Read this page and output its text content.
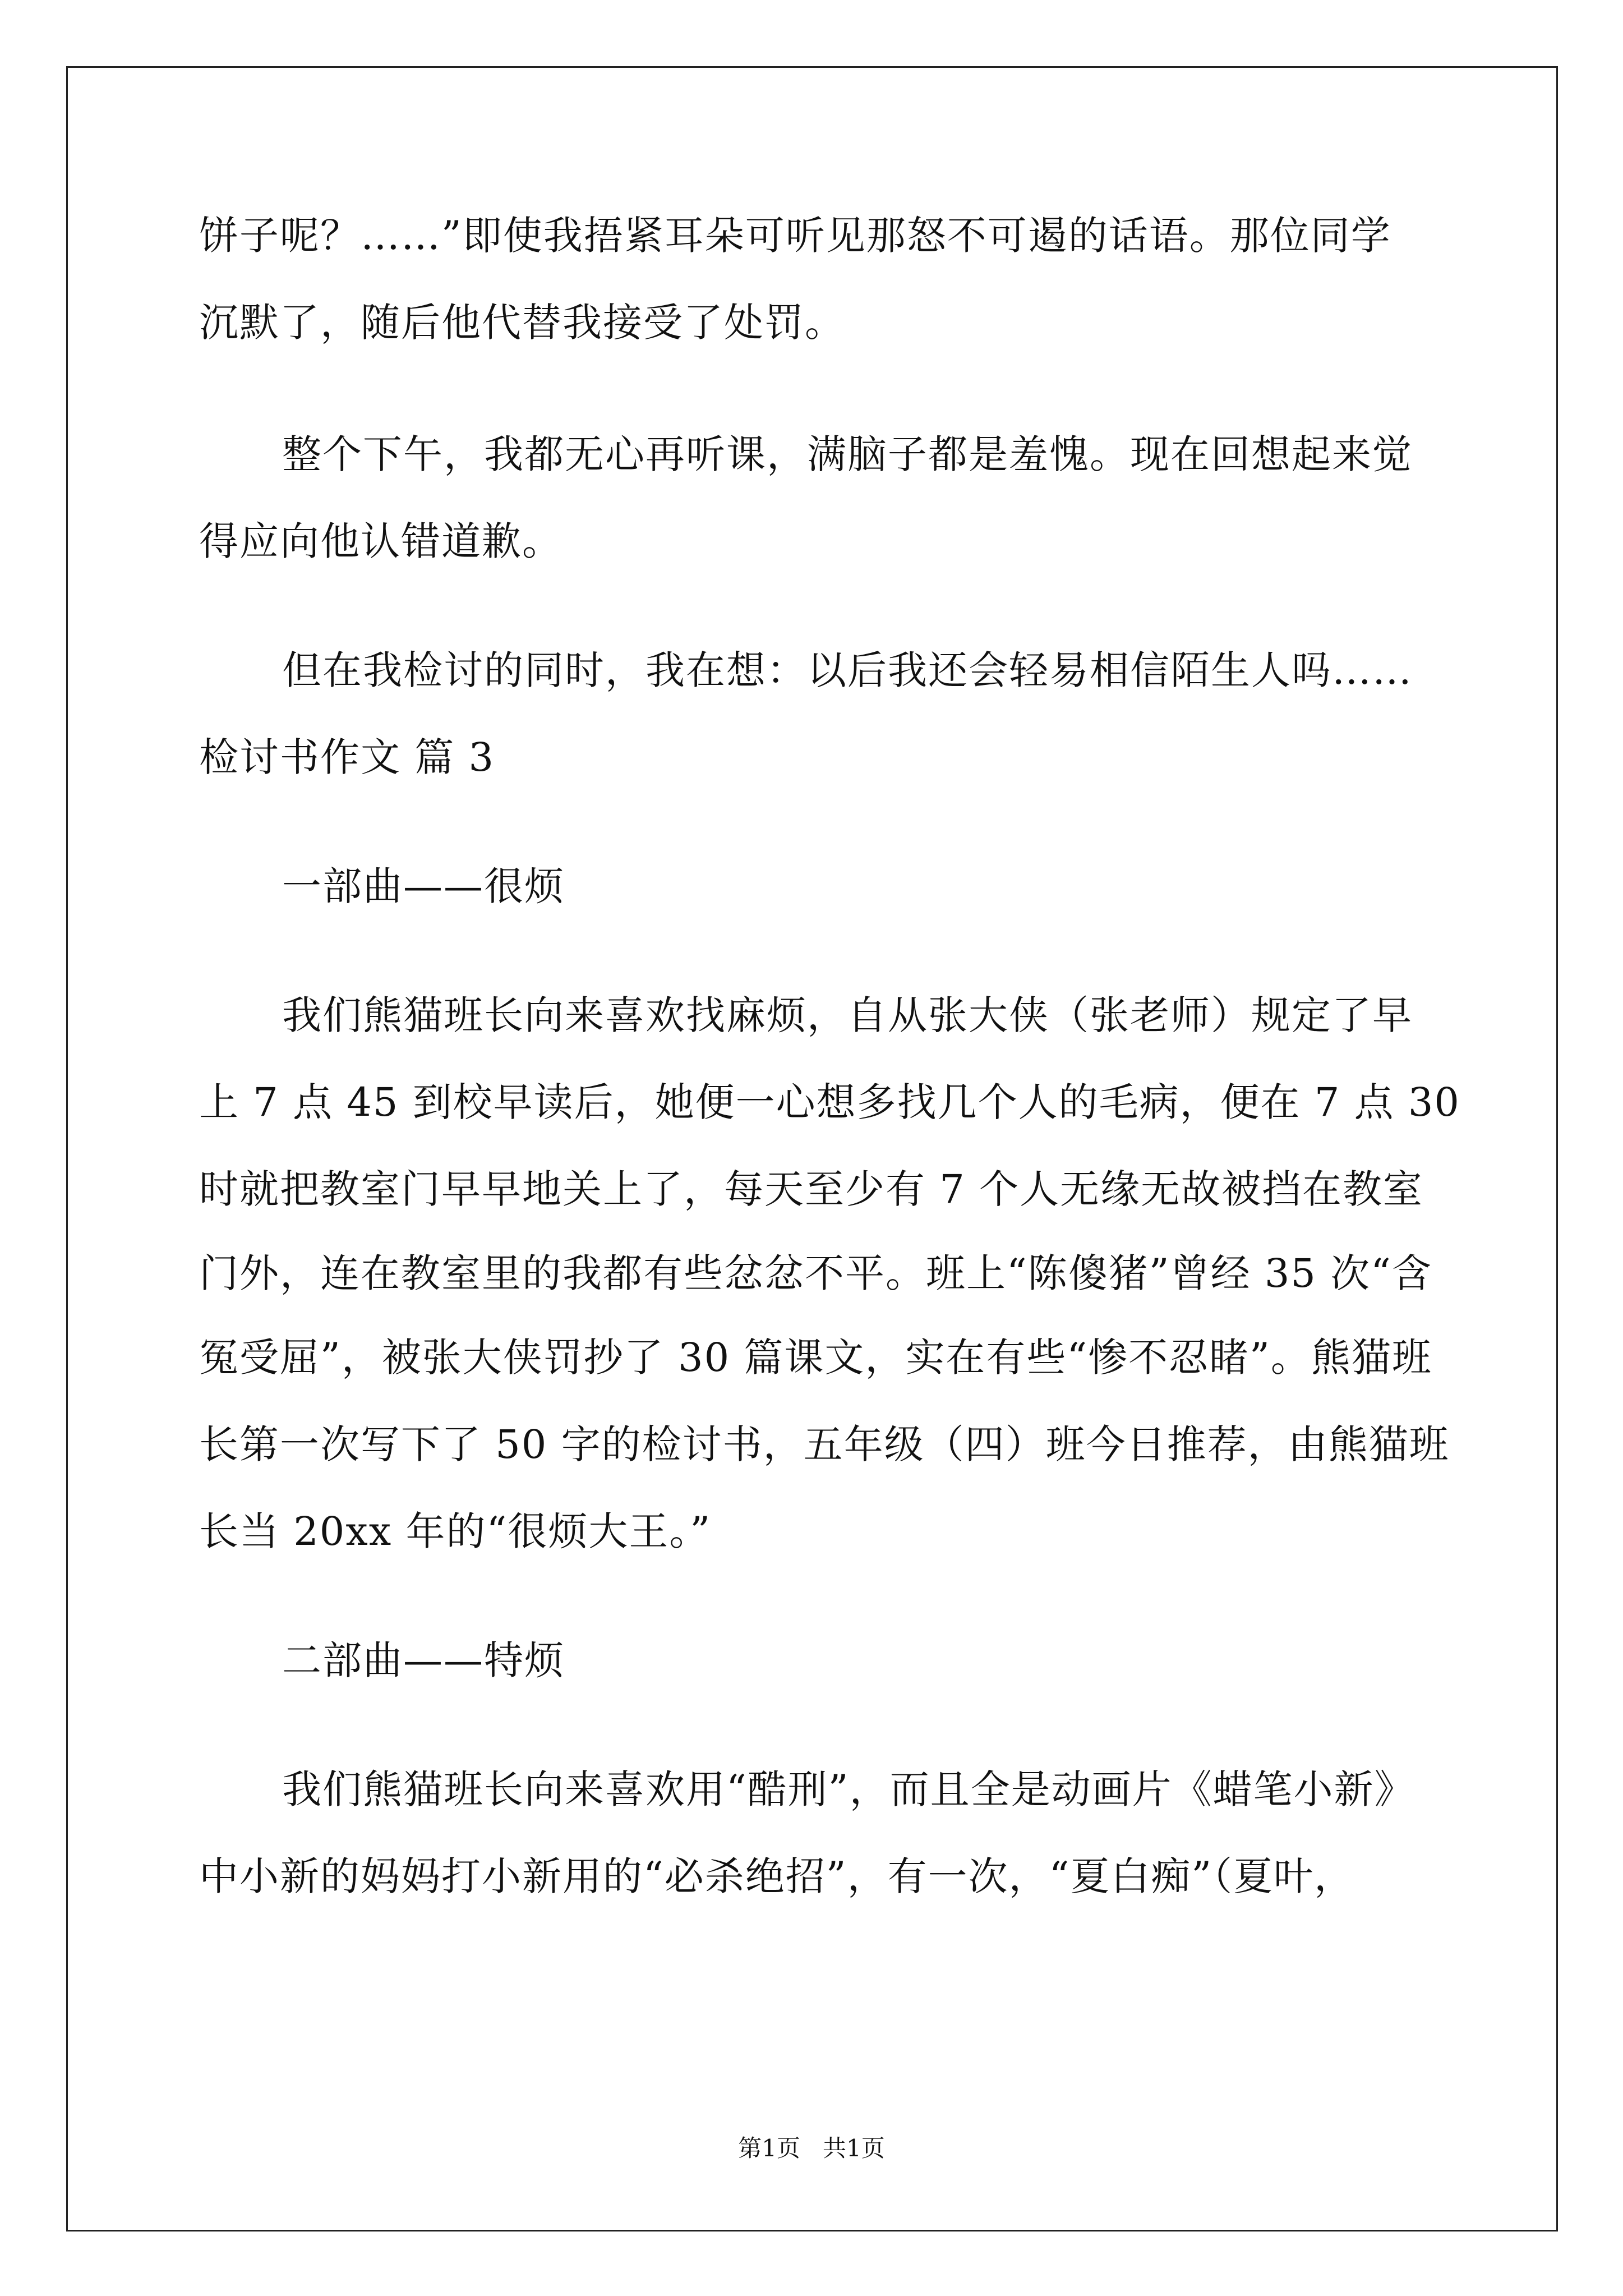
饼子呢？……”即使我捂紧耳朵可听见那怒不可遏的话语。那位同学
沉默了，随后他代替我接受了处罚。
整个下午，我都无心再听课，满脑子都是羞愧。现在回想起来觉
得应向他认错道歉。
但在我检讨的同时，我在想：以后我还会轻易相信陌生人吗……
检讨书作文 篇 3
一部曲——很烦
我们熊猫班长向来喜欢找麻烦，自从张大侠（张老师）规定了早
上 7 点 45 到校早读后，她便一心想多找几个人的毛病，便在 7 点 30
时就把教室门早早地关上了，每天至少有 7 个人无缘无故被挡在教室
门外，连在教室里的我都有些忿忿不平。班上“陈傻猪”曾经 35 次“含
冤受屈”，被张大侠罚抄了 30 篇课文，实在有些“惨不忍睹”。熊猫班
长第一次写下了 50 字的检讨书，五年级（四）班今日推荐，由熊猫班
长当 20xx 年的“很烦大王。”
二部曲——特烦
我们熊猫班长向来喜欢用“酷刑”，而且全是动画片《蜡笔小新》
中小新的妈妈打小新用的“必杀绝招”，有一次，“夏白痴”（夏叶，
第1页   共1页
